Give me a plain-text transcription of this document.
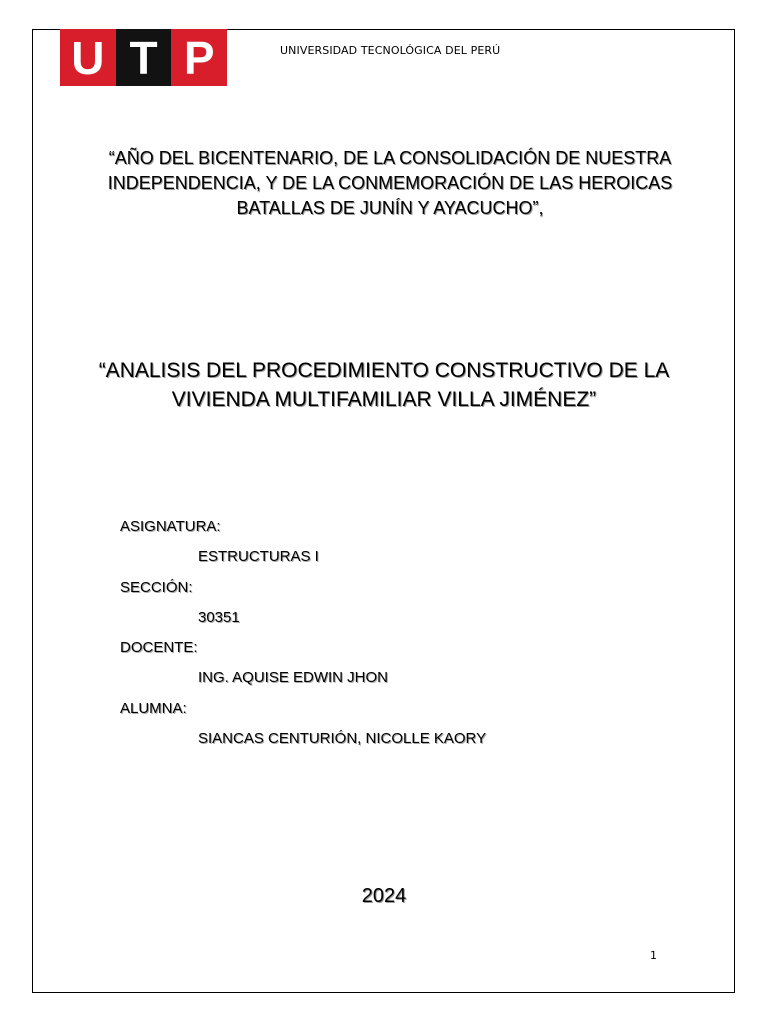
U T P	UNIVERSIDAD TECNOLÓGICA DEL PERÚ
“AÑO DEL BICENTENARIO, DE LA CONSOLIDACIÓN DE NUESTRA
INDEPENDENCIA, Y DE LA CONMEMORACIÓN DE LAS HEROICAS
BATALLAS DE JUNÍN Y AYACUCHO”,
“ANALISIS DEL PROCEDIMIENTO CONSTRUCTIVO DE LA
VIVIENDA MULTIFAMILIAR VILLA JIMÉNEZ”
ASIGNATURA:
ESTRUCTURAS I
SECCIÓN:
30351
DOCENTE:
ING. AQUISE EDWIN JHON
ALUMNA:
SIANCAS CENTURIÓN, NICOLLE KAORY
2024
1
